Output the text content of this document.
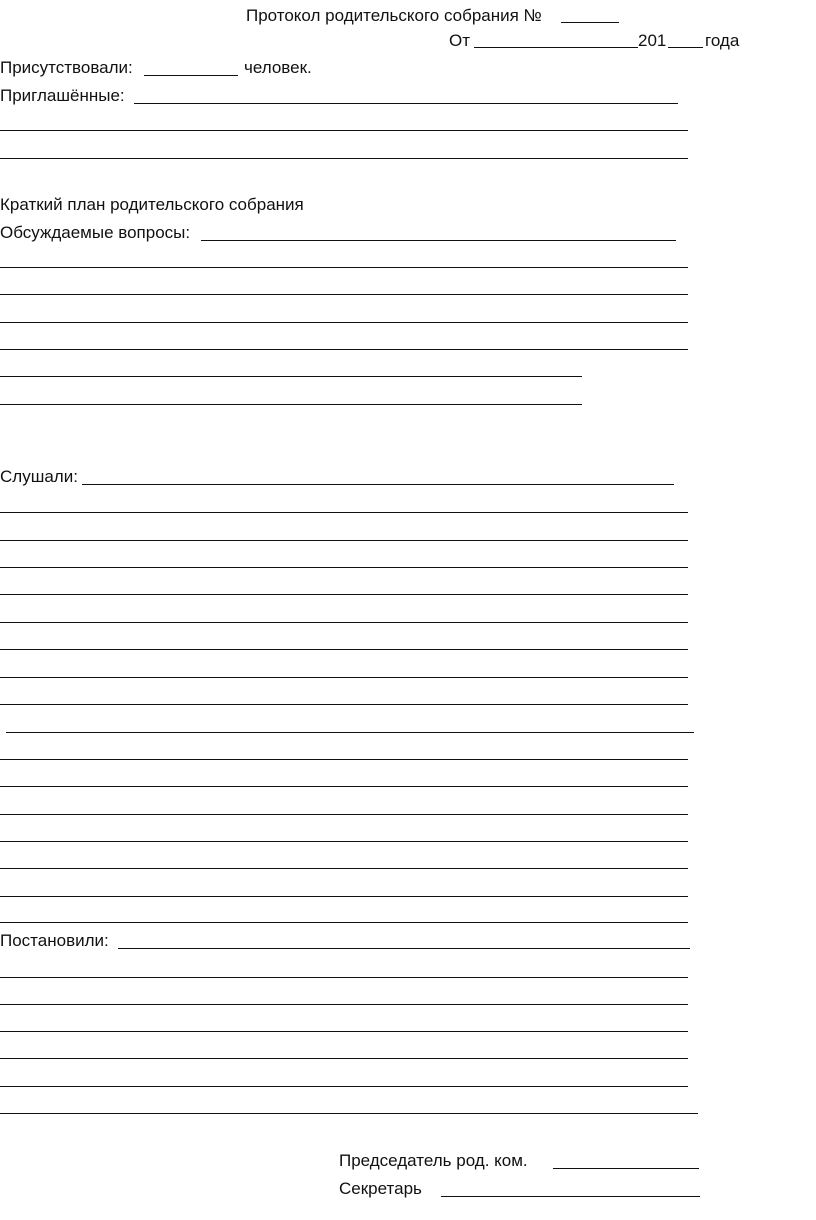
Протокол родительского собрания №
От	201 года
Присутствовали:	человек.
Приглашённые:
Краткий план родительского собрания
Обсуждаемые вопросы:
Слушали:
Постановили:
Председатель род. ком.
Секретарь
